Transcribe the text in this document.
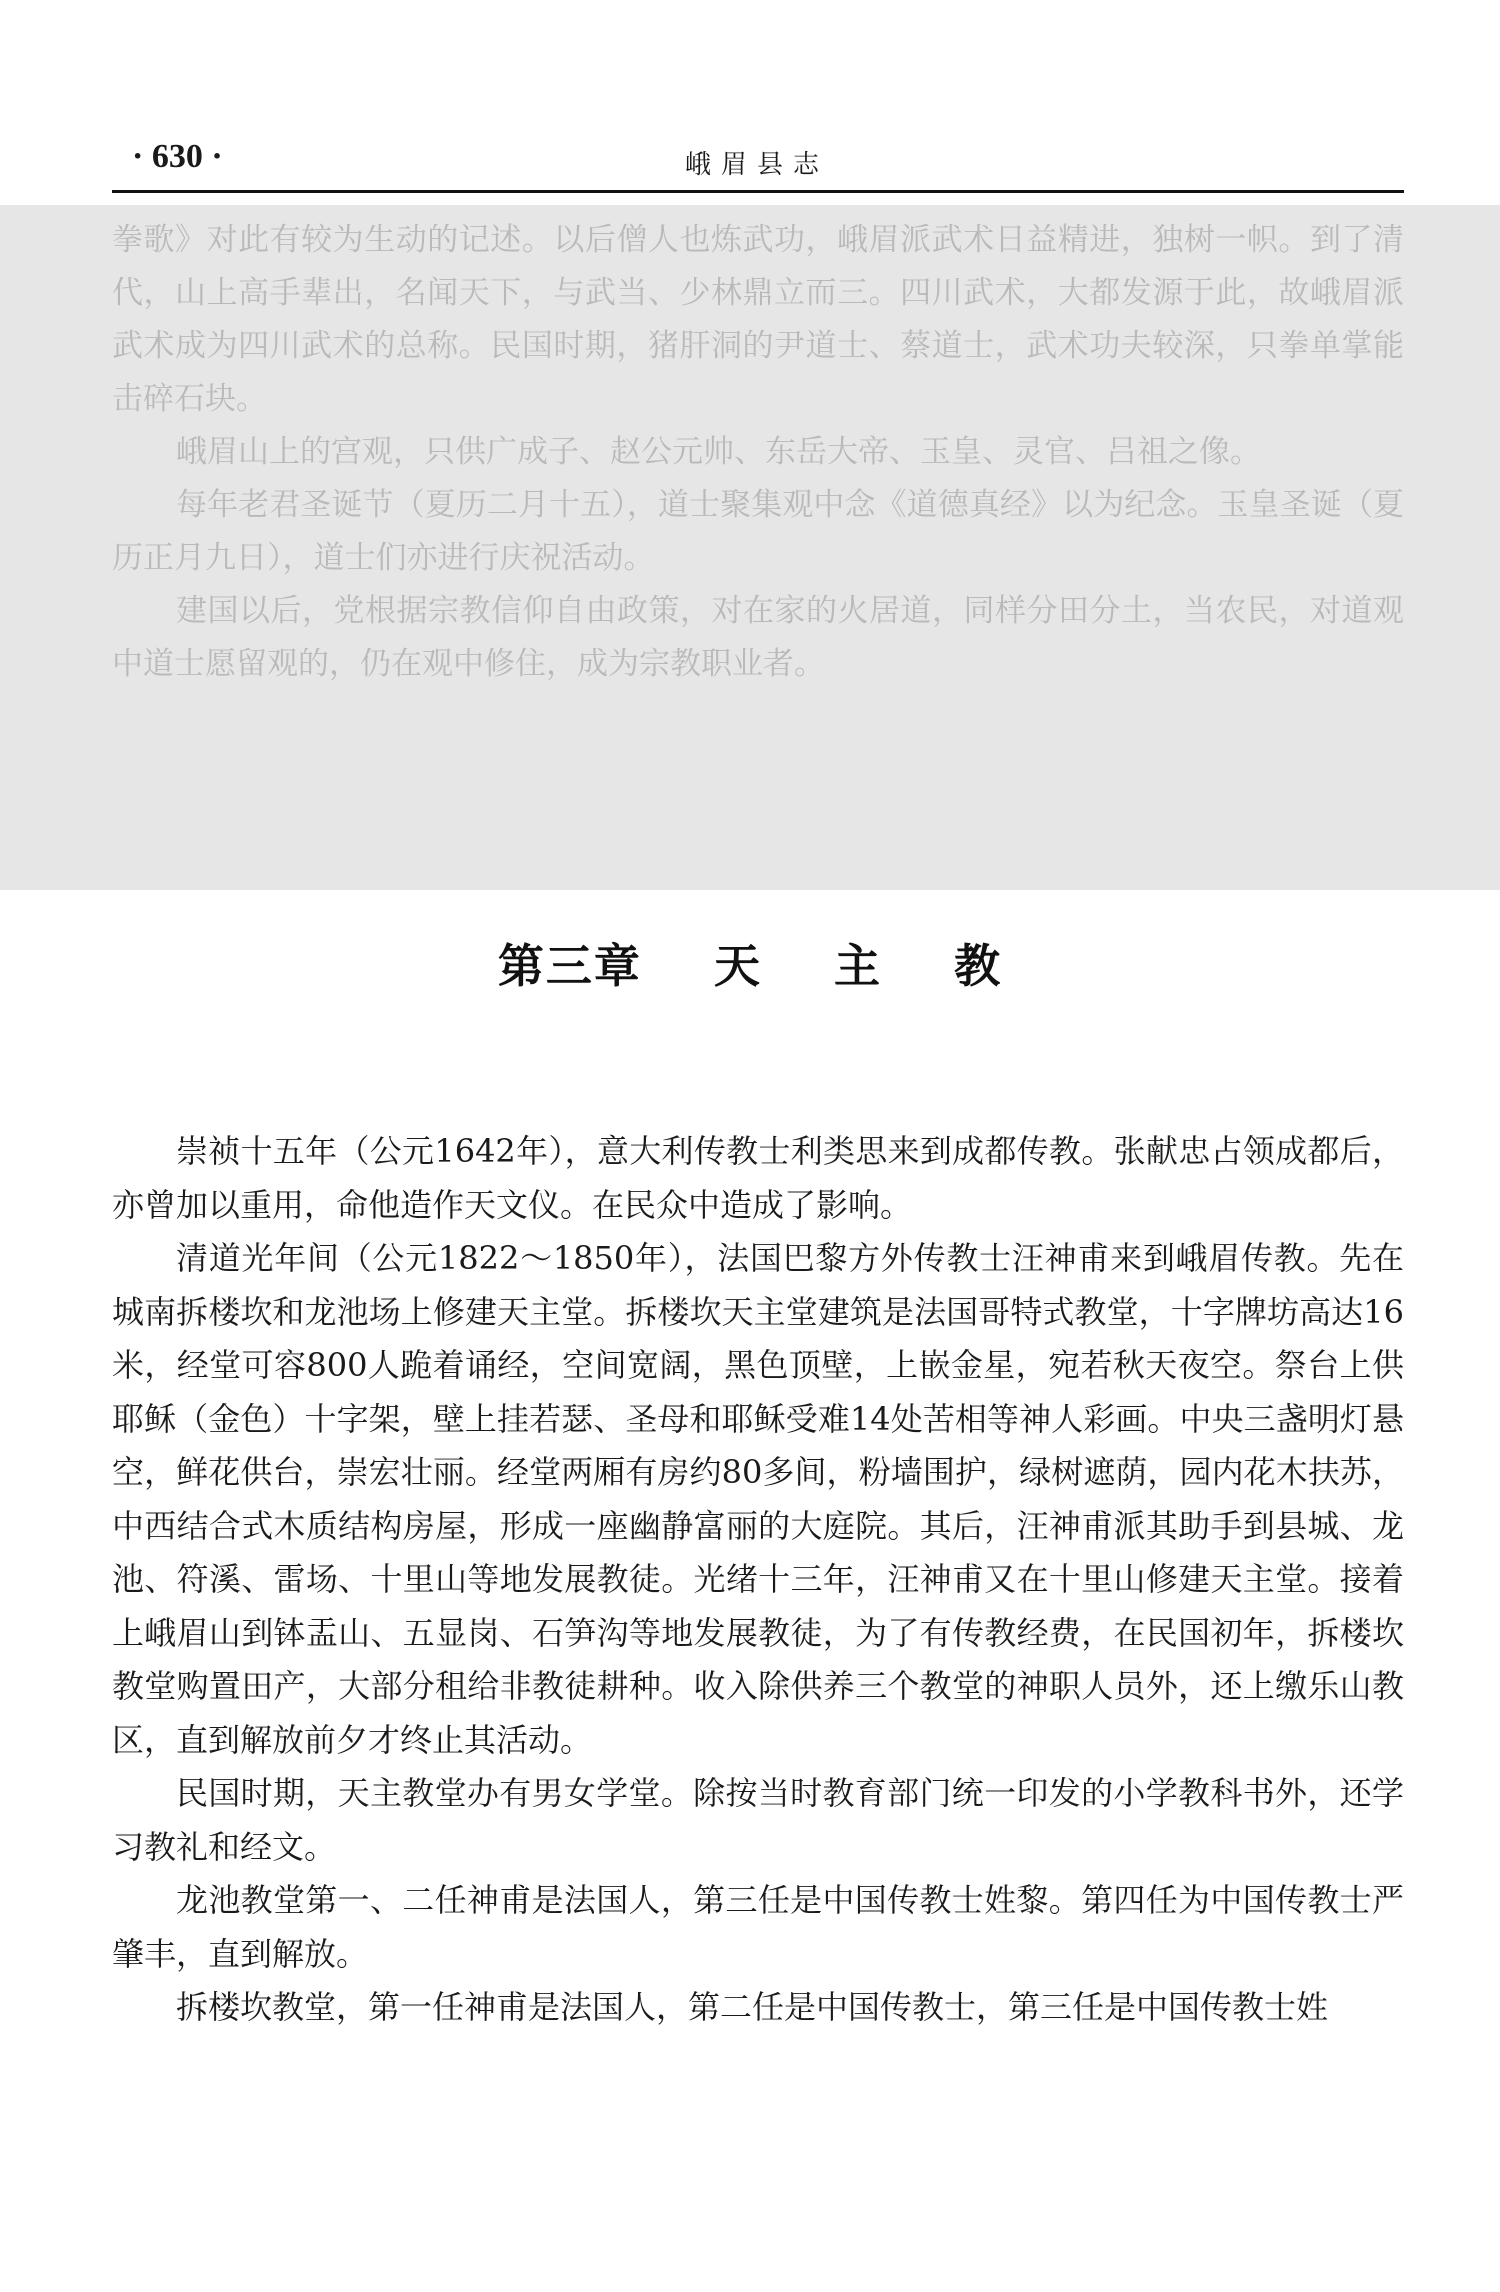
· 630 ·	峨眉县志

拳歌》对此有较为生动的记述。以后僧人也炼武功，峨眉派武术日益精进，独树一帜。到了清代，山上高手辈出，名闻天下，与武当、少林鼎立而三。四川武术，大都发源于此，故峨眉派武术成为四川武术的总称。民国时期，猪肝洞的尹道士、蔡道士，武术功夫较深，只拳单掌能击碎石块。

峨眉山上的宫观，只供广成子、赵公元帅、东岳大帝、玉皇、灵官、吕祖之像。

每年老君圣诞节（夏历二月十五），道士聚集观中念《道德真经》以为纪念。玉皇圣诞（夏历正月九日），道士们亦进行庆祝活动。

建国以后，党根据宗教信仰自由政策，对在家的火居道，同样分田分土，当农民，对道观中道士愿留观的，仍在观中修住，成为宗教职业者。

第三章    天    主    教

崇祯十五年（公元1642年），意大利传教士利类思来到成都传教。张献忠占领成都后，亦曾加以重用，命他造作天文仪。在民众中造成了影响。

清道光年间（公元1822～1850年），法国巴黎方外传教士汪神甫来到峨眉传教。先在城南拆楼坎和龙池场上修建天主堂。拆楼坎天主堂建筑是法国哥特式教堂，十字牌坊高达16米，经堂可容800人跪着诵经，空间宽阔，黑色顶壁，上嵌金星，宛若秋天夜空。祭台上供耶稣（金色）十字架，壁上挂若瑟、圣母和耶稣受难14处苦相等神人彩画。中央三盏明灯悬空，鲜花供台，崇宏壮丽。经堂两厢有房约80多间，粉墙围护，绿树遮荫，园内花木扶苏，中西结合式木质结构房屋，形成一座幽静富丽的大庭院。其后，汪神甫派其助手到县城、龙池、符溪、雷场、十里山等地发展教徒。光绪十三年，汪神甫又在十里山修建天主堂。接着上峨眉山到钵盂山、五显岗、石笋沟等地发展教徒，为了有传教经费，在民国初年，拆楼坎教堂购置田产，大部分租给非教徒耕种。收入除供养三个教堂的神职人员外，还上缴乐山教区，直到解放前夕才终止其活动。

民国时期，天主教堂办有男女学堂。除按当时教育部门统一印发的小学教科书外，还学习教礼和经文。

龙池教堂第一、二任神甫是法国人，第三任是中国传教士姓黎。第四任为中国传教士严肇丰，直到解放。

拆楼坎教堂，第一任神甫是法国人，第二任是中国传教士，第三任是中国传教士姓
